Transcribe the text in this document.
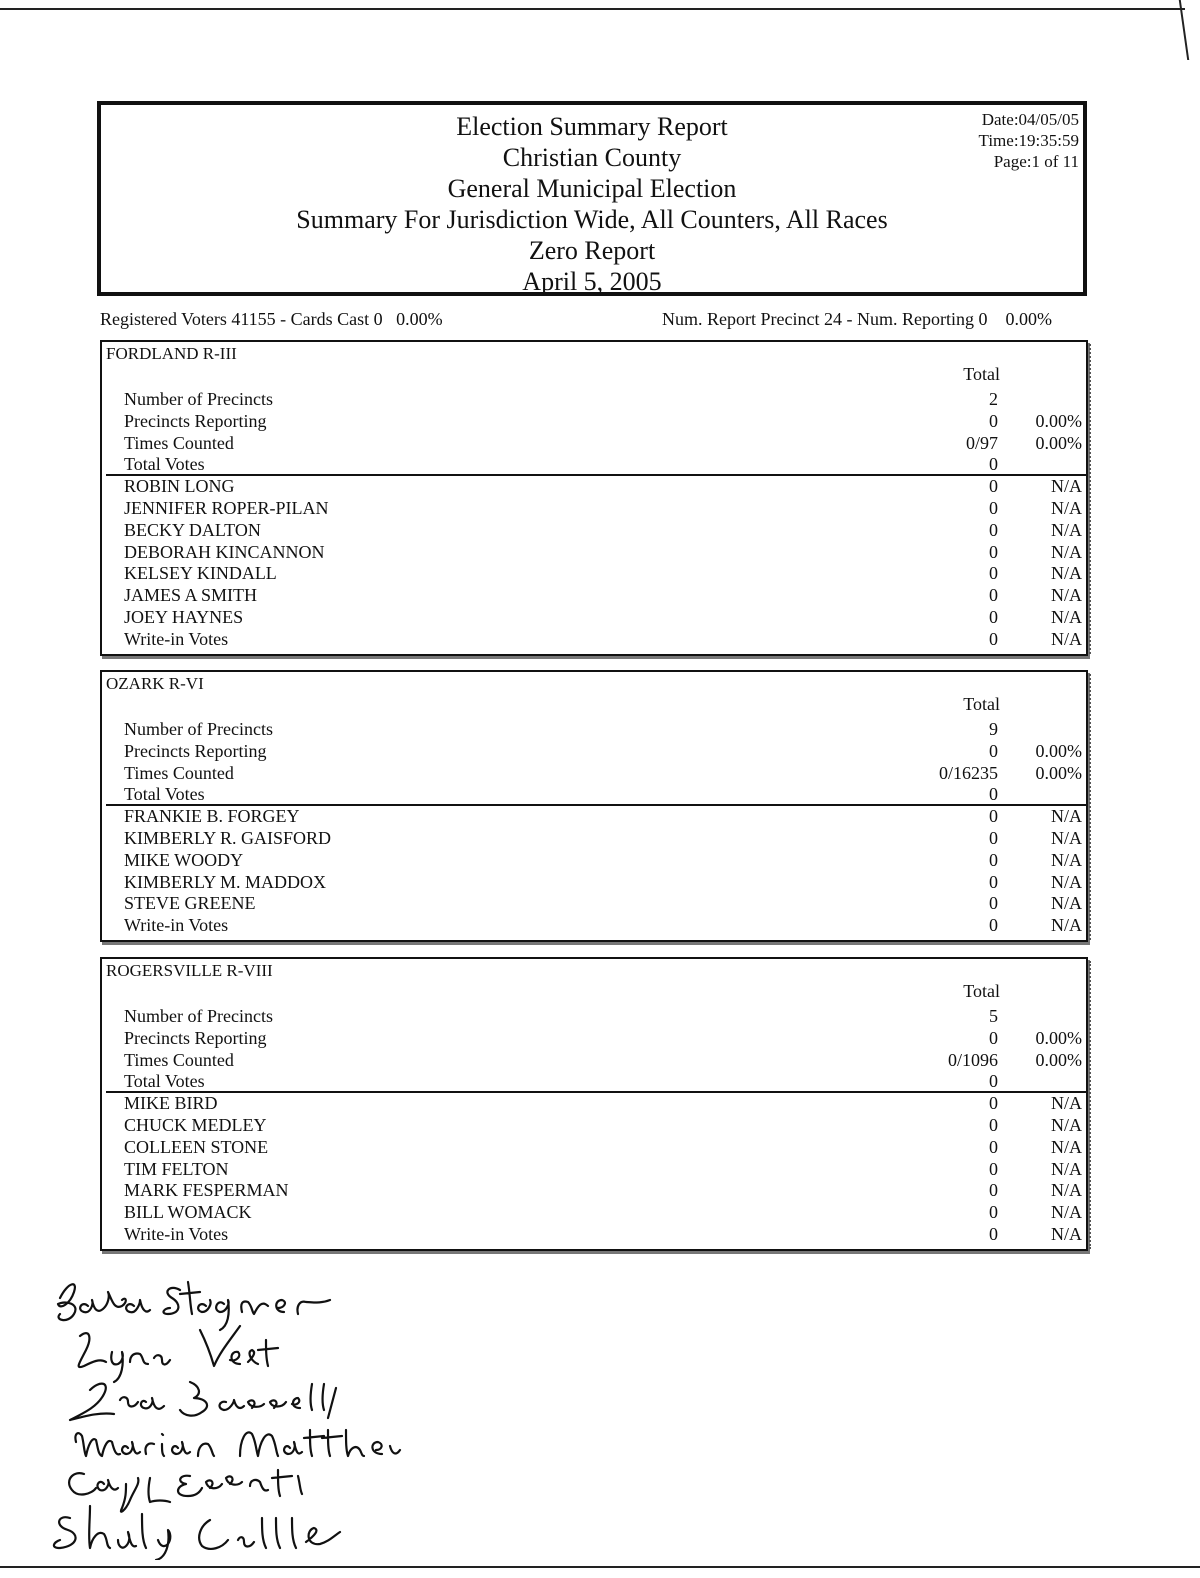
Election Summary Report
Christian County
General Municipal Election
Summary For Jurisdiction Wide, All Counters, All Races
Zero Report
April 5, 2005
Date:04/05/05
Time:19:35:59
Page:1 of 11
Registered Voters 41155 - Cards Cast 0   0.00%	Num. Report Precinct 24 - Num. Reporting 0    0.00%
FORDLAND R-III
Total
Number of Precincts	2
Precincts Reporting	0 0.00%
Times Counted	0/97 0.00%
Total Votes	0
ROBIN LONG	0	N/A
JENNIFER ROPER-PILAN	0	N/A
BECKY DALTON	0	N/A
DEBORAH KINCANNON	0	N/A
KELSEY KINDALL	0	N/A
JAMES A SMITH	0	N/A
JOEY HAYNES	0	N/A
Write-in Votes	0	N/A
OZARK R-VI
Total
Number of Precincts	9
Precincts Reporting	0 0.00%
Times Counted	0/16235 0.00%
Total Votes	0
FRANKIE B. FORGEY	0	N/A
KIMBERLY R. GAISFORD	0	N/A
MIKE WOODY	0	N/A
KIMBERLY M. MADDOX	0	N/A
STEVE GREENE	0	N/A
Write-in Votes	0	N/A
ROGERSVILLE R-VIII
Total
Number of Precincts	5
Precincts Reporting	0 0.00%
Times Counted	0/1096 0.00%
Total Votes	0
MIKE BIRD	0	N/A
CHUCK MEDLEY	0	N/A
COLLEEN STONE	0	N/A
TIM FELTON	0	N/A
MARK FESPERMAN	0	N/A
BILL WOMACK	0	N/A
Write-in Votes	0	N/A
